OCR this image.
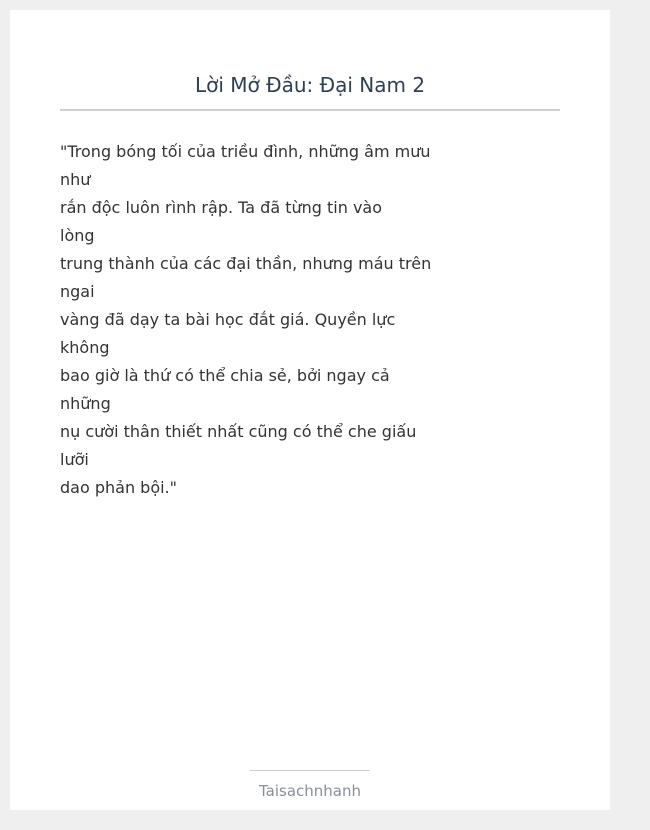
Lời Mở Đầu: Đại Nam 2
"Trong bóng tối của triều đình, những âm mưu
như
rắn độc luôn rình rập. Ta đã từng tin vào
lòng
trung thành của các đại thần, nhưng máu trên
ngai
vàng đã dạy ta bài học đắt giá. Quyền lực
không
bao giờ là thứ có thể chia sẻ, bởi ngay cả
những
nụ cười thân thiết nhất cũng có thể che giấu
lưỡi
dao phản bội."
Taisachnhanh
